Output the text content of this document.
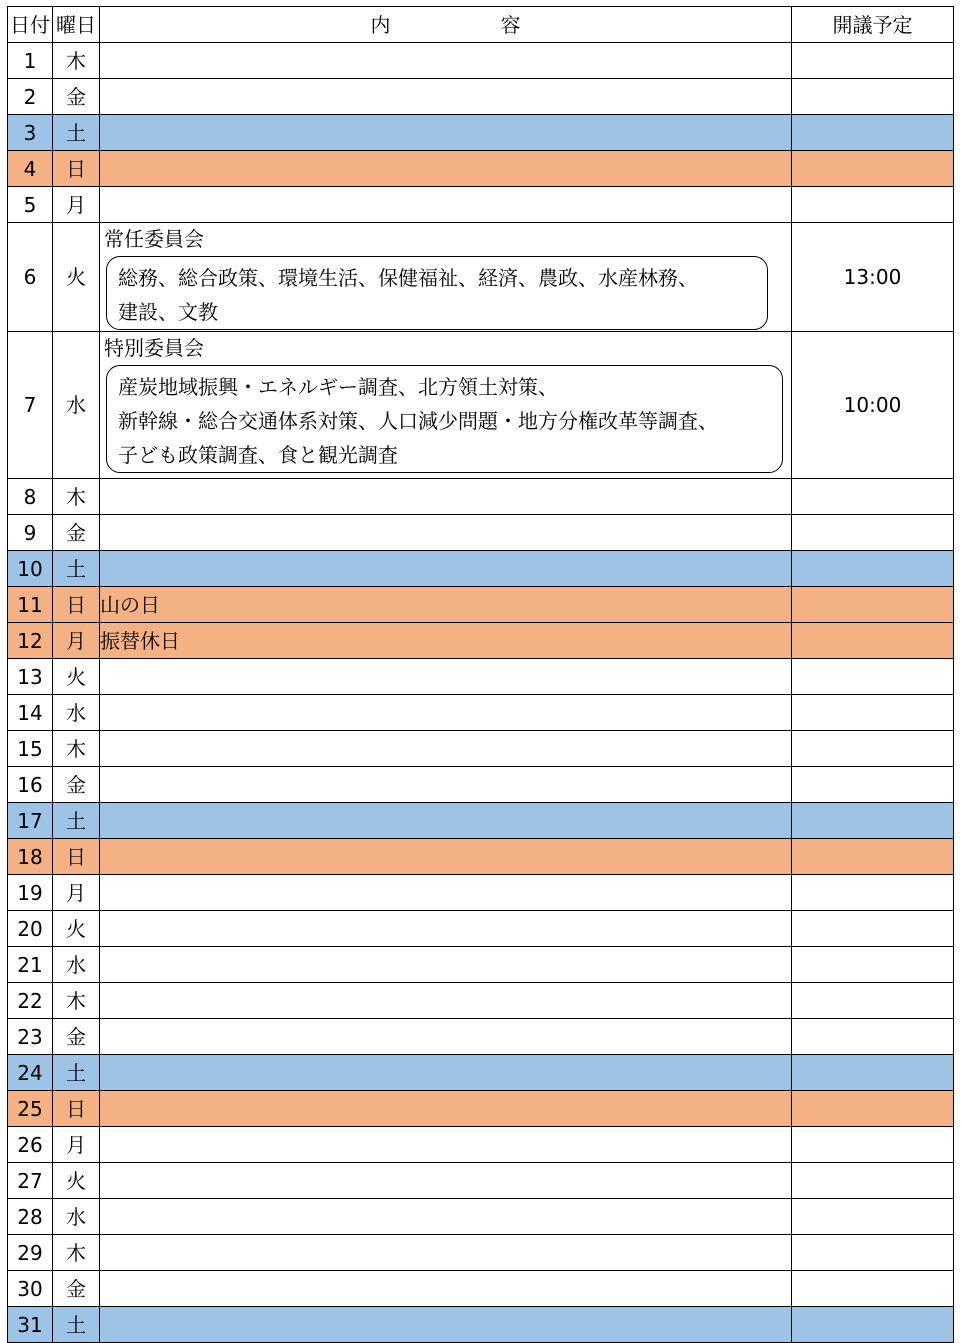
日付	曜日	内 容	開議予定
1	木		
2	金		
3	土		
4	日		
5	月		
6	火	常任委員会
総務、総合政策、環境生活、保健福祉、経済、農政、水産林務、
建設、文教	13:00
7	水	特別委員会
産炭地域振興・エネルギー調査、北方領土対策、
新幹線・総合交通体系対策、人口減少問題・地方分権改革等調査、
子ども政策調査、食と観光調査	10:00
8	木		
9	金		
10	土		
11	日	山の日	
12	月	振替休日	
13	火		
14	水		
15	木		
16	金		
17	土		
18	日		
19	月		
20	火		
21	水		
22	木		
23	金		
24	土		
25	日		
26	月		
27	火		
28	水		
29	木		
30	金		
31	土		
